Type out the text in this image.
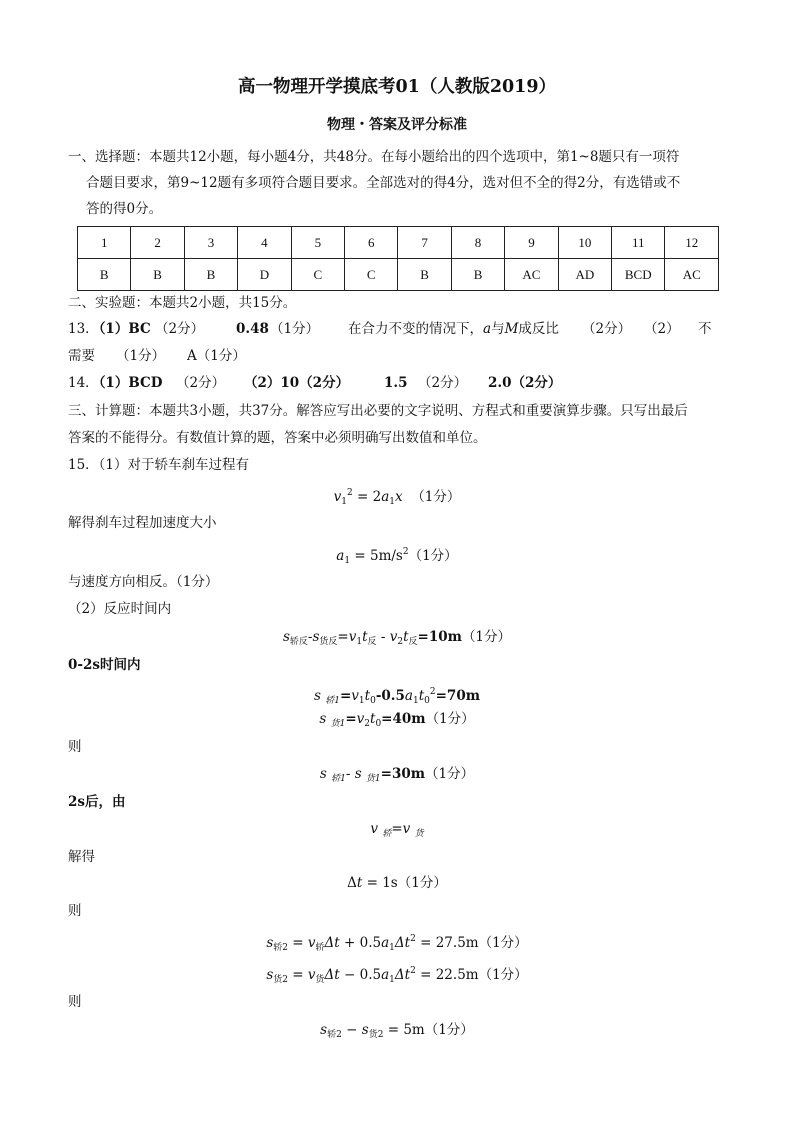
高一物理开学摸底考01（人教版2019）
物理・答案及评分标准
一、选择题：本题共12小题，每小题4分，共48分。在每小题给出的四个选项中，第1~8题只有一项符
合题目要求，第9~12题有多项符合题目要求。全部选对的得4分，选对但不全的得2分，有选错或不
答的得0分。
1	2	3	4	5	6	7	8	9	10	11	12
B	B	B	D	C	C	B	B	AC	AD	BCD	AC
二、实验题：本题共2小题，共15分。
13．（1）BC （2分） 0.48 （1分） 在合力不变的情况下，a与M成反比 （2分） （2） 不
需要 （1分） A（1分）
14．（1）BCD （2分） （2）10（2分）	1.5 （2分） 2.0（2分）
三、计算题：本题共3小题，共37分。解答应写出必要的文字说明、方程式和重要演算步骤。只写出最后
答案的不能得分。有数值计算的题，答案中必须明确写出数值和单位。
15．（1）对于轿车刹车过程有
$v_1^2 = 2a_1x$ （1分）
解得刹车过程加速度大小
$a_1 = 5m/s^2(1$分）
与速度方向相反。（1分）
（2）反应时间内
$s_{轿反}-s_{货反}=v_1t_反 - v_2t_反=10m(1$分）
0-2s时间内
s $_{轿1}=v_1t_0-0.5a_1t_0^2=70m$
s $_{货1}=v_2t_0=40m(1$分）
则
s $_{轿1}$- s $_{货1}$=30m（1分）
2s后，由
v $_轿$=v $_货$
解得
Δt = 1s（1分）
则
$s_{轿2} = v_轿\Delta t + 0.5a_1\Delta t^2 = 27.5m(1$分）
$s_{货2} = v_货\Delta t - 0.5a_1\Delta t^2 = 22.5m(1$分）
则
$s_{轿2} - s_{货2} = 5m(1$分）
